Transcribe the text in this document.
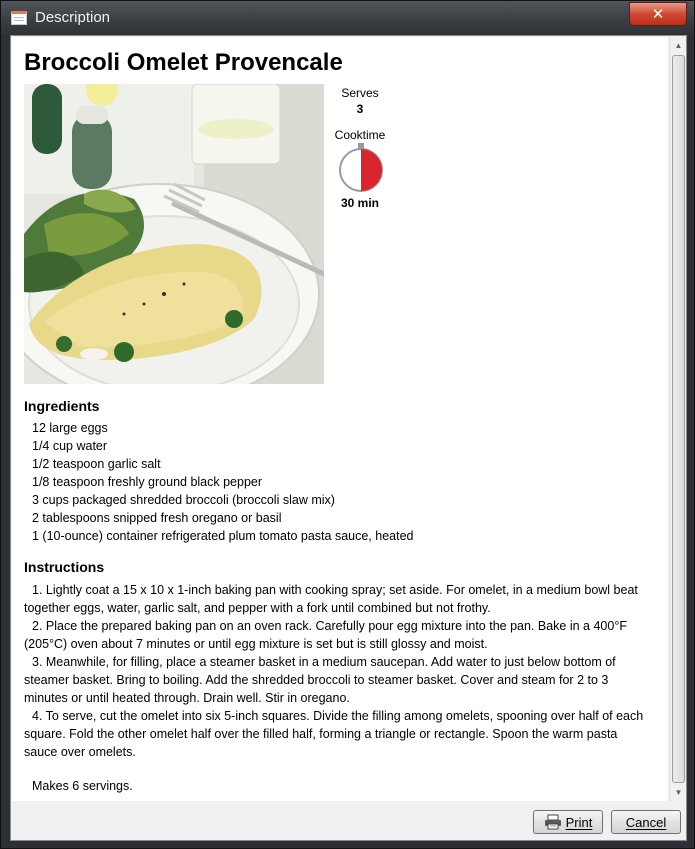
Description	✕
Broccoli Omelet Provencale
Serves
3
Cooktime
30 min
Ingredients
12 large eggs
1/4 cup water
1/2 teaspoon garlic salt
1/8 teaspoon freshly ground black pepper
3 cups packaged shredded broccoli (broccoli slaw mix)
2 tablespoons snipped fresh oregano or basil
1 (10-ounce) container refrigerated plum tomato pasta sauce, heated
Instructions

1. Lightly coat a 15 x 10 x 1-inch baking pan with cooking spray; set aside. For omelet, in a medium bowl beat together eggs, water, garlic salt, and pepper with a fork until combined but not frothy.

2. Place the prepared baking pan on an oven rack. Carefully pour egg mixture into the pan. Bake in a 400°F (205°C) oven about 7 minutes or until egg mixture is set but is still glossy and moist.

3. Meanwhile, for filling, place a steamer basket in a medium saucepan. Add water to just below bottom of steamer basket. Bring to boiling. Add the shredded broccoli to steamer basket. Cover and steam for 2 to 3 minutes or until heated through. Drain well. Stir in oregano.

4. To serve, cut the omelet into six 5-inch squares. Divide the filling among omelets, spooning over half of each square. Fold the other omelet half over the filled half, forming a triangle or rectangle. Spoon the warm pasta sauce over omelets.

Makes 6 servings.
▲
▼
Print	Cancel
